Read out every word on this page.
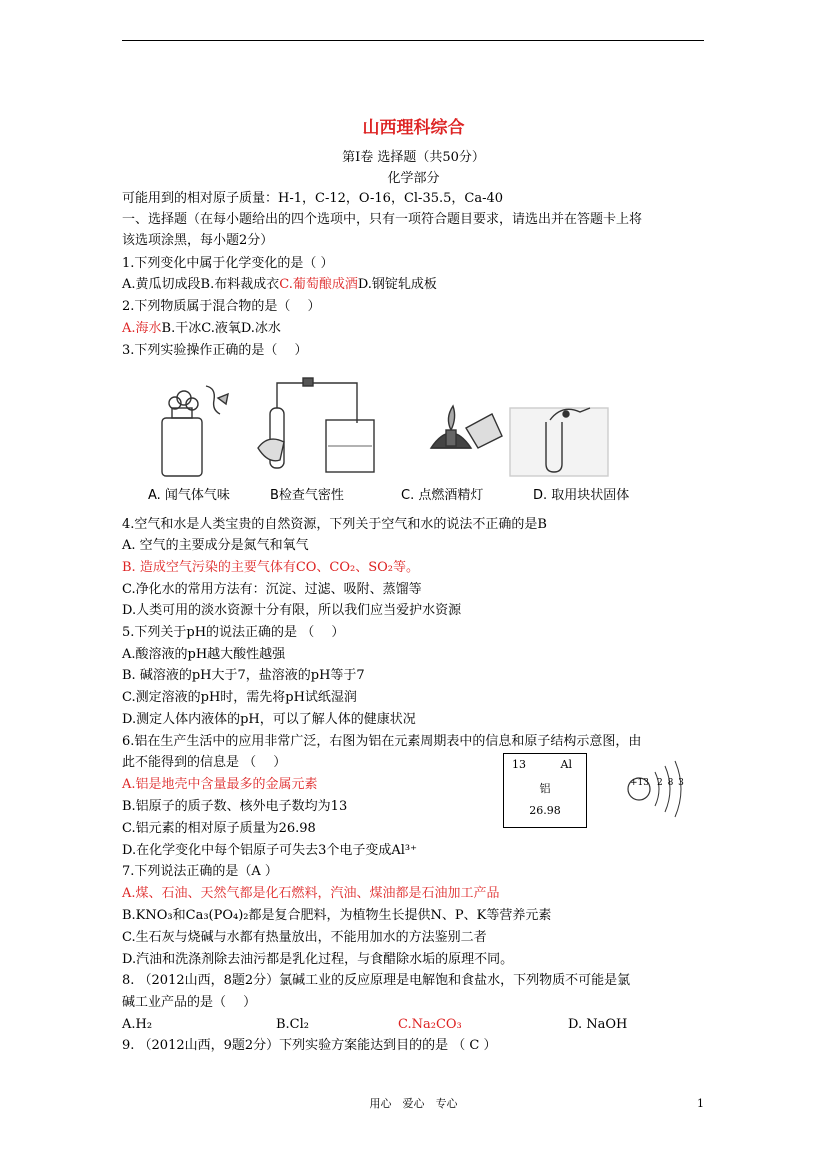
山西理科综合
第Ⅰ卷 选择题（共50分）
化学部分
可能用到的相对原子质量：H-1，C-12，O-16，Cl-35.5，Ca-40
一、选择题（在每小题给出的四个选项中，只有一项符合题目要求，请选出并在答题卡上将
该选项涂黑，每小题2分）
1.下列变化中属于化学变化的是（ ）
A.黄瓜切成段B.布料裁成衣C.葡萄酿成酒D.钢锭轧成板
2.下列物质属于混合物的是（　 ）
A.海水B.干冰C.液氧D.冰水
3.下列实验操作正确的是（　 ）
A. 闻气体气味	B检查气密性	C. 点燃酒精灯	D. 取用块状固体
4.空气和水是人类宝贵的自然资源，下列关于空气和水的说法不正确的是B
A. 空气的主要成分是氮气和氧气
B. 造成空气污染的主要气体有CO、CO₂、SO₂等。
C.净化水的常用方法有：沉淀、过滤、吸附、蒸馏等
D.人类可用的淡水资源十分有限，所以我们应当爱护水资源
5.下列关于pH的说法正确的是 （　 ）
A.酸溶液的pH越大酸性越强
B. 碱溶液的pH大于7，盐溶液的pH等于7
C.测定溶液的pH时，需先将pH试纸湿润
D.测定人体内液体的pH，可以了解人体的健康状况
6.铝在生产生活中的应用非常广泛，右图为铝在元素周期表中的信息和原子结构示意图，由
此不能得到的信息是 （　 ）	13	Al
铝
26.98
+13 2 8 3
A.铝是地壳中含量最多的金属元素
B.铝原子的质子数、核外电子数均为13
C.铝元素的相对原子质量为26.98
D.在化学变化中每个铝原子可失去3个电子变成Al³⁺
7.下列说法正确的是（A ）
A.煤、石油、天然气都是化石燃料，汽油、煤油都是石油加工产品
B.KNO₃和Ca₃(PO₄)₂都是复合肥料，为植物生长提供N、P、K等营养元素
C.生石灰与烧碱与水都有热量放出，不能用加水的方法鉴别二者
D.汽油和洗涤剂除去油污都是乳化过程，与食醋除水垢的原理不同。
8. （2012山西，8题2分）氯碱工业的反应原理是电解饱和食盐水，下列物质不可能是氯
碱工业产品的是（　 ）
A.H₂	B.Cl₂	C.Na₂CO₃	D. NaOH
9. （2012山西，9题2分）下列实验方案能达到目的的是 （ C ）
用心　爱心　专心	1
